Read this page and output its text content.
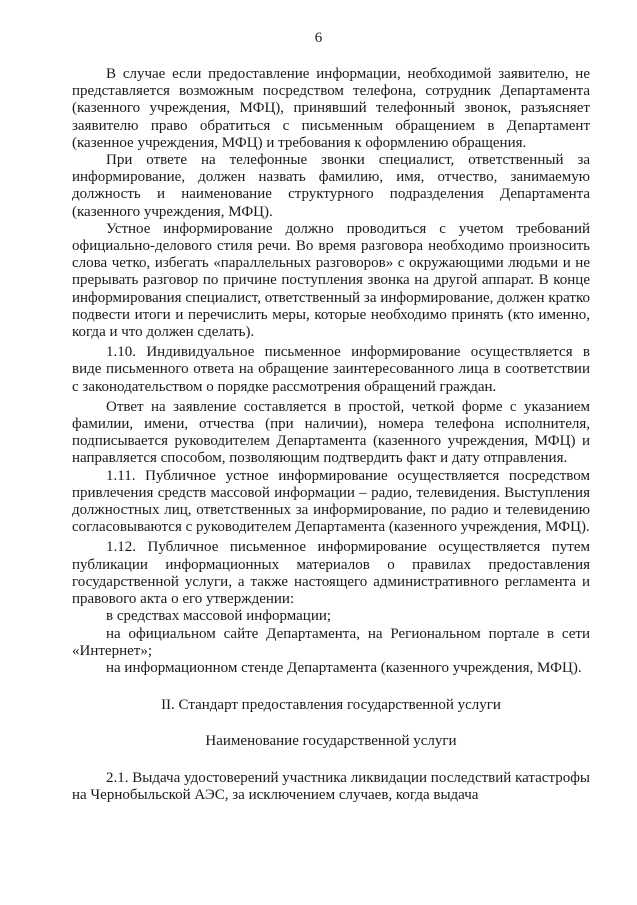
6

В случае если предоставление информации, необходимой заявителю, не представляется возможным посредством телефона, сотрудник Департамента (казенного учреждения, МФЦ), принявший телефонный звонок, разъясняет заявителю право обратиться с письменным обращением в Департамент (казенное учреждения, МФЦ) и требования к оформлению обращения.

При ответе на телефонные звонки специалист, ответственный за информирование, должен назвать фамилию, имя, отчество, занимаемую должность и наименование структурного подразделения Департамента (казенного учреждения, МФЦ).

Устное информирование должно проводиться с учетом требований официально-делового стиля речи. Во время разговора необходимо произносить слова четко, избегать «параллельных разговоров» с окружающими людьми и не прерывать разговор по причине поступления звонка на другой аппарат. В конце информирования специалист, ответственный за информирование, должен кратко подвести итоги и перечислить меры, которые необходимо принять (кто именно, когда и что должен сделать).

1.10. Индивидуальное письменное информирование осуществляется в виде письменного ответа на обращение заинтересованного лица в соответствии с законодательством о порядке рассмотрения обращений граждан.

Ответ на заявление составляется в простой, четкой форме с указанием фамилии, имени, отчества (при наличии), номера телефона исполнителя, подписывается руководителем Департамента (казенного учреждения, МФЦ) и направляется способом, позволяющим подтвердить факт и дату отправления.

1.11. Публичное устное информирование осуществляется посредством привлечения средств массовой информации – радио, телевидения. Выступления должностных лиц, ответственных за информирование, по радио и телевидению согласовываются с руководителем Департамента (казенного учреждения, МФЦ).

1.12. Публичное письменное информирование осуществляется путем публикации информационных материалов о правилах предоставления государственной услуги, а также настоящего административного регламента и правового акта о его утверждении:

в средствах массовой информации;

на официальном сайте Департамента, на Региональном портале в сети «Интернет»;

на информационном стенде Департамента (казенного учреждения, МФЦ).

II. Стандарт предоставления государственной услуги

Наименование государственной услуги

2.1. Выдача удостоверений участника ликвидации последствий катастрофы на Чернобыльской АЭС, за исключением случаев, когда выдача
